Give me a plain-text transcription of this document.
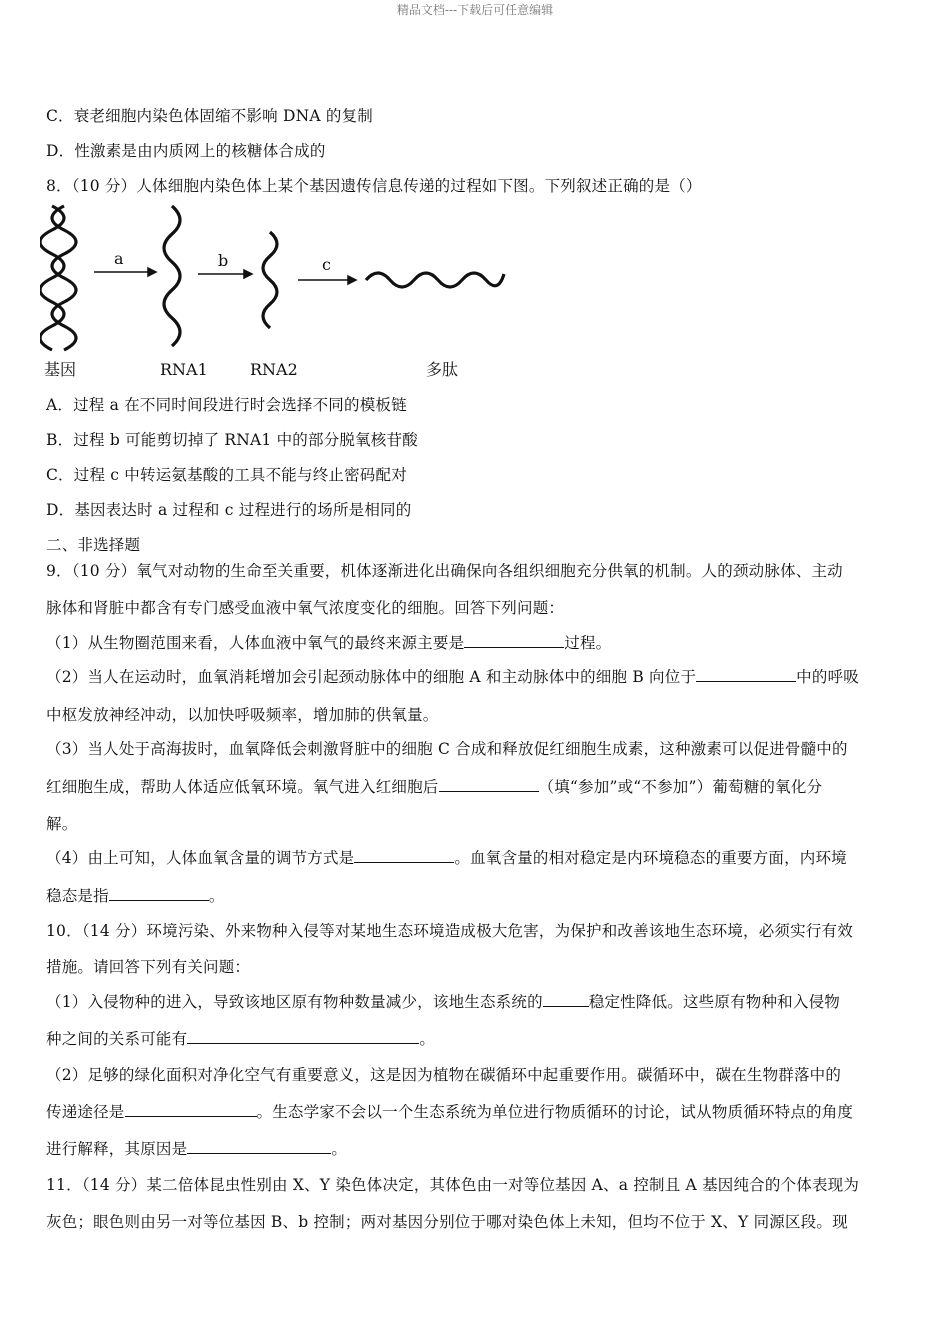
精品文档---下载后可任意编辑
C．衰老细胞内染色体固缩不影响 DNA 的复制
D．性激素是由内质网上的核糖体合成的
8．（10 分）人体细胞内染色体上某个基因遗传信息传递的过程如下图。下列叙述正确的是（）
a	b	c
基因	RNA1	RNA2	多肽
A．过程 a 在不同时间段进行时会选择不同的模板链
B．过程 b 可能剪切掉了 RNA1 中的部分脱氧核苷酸
C．过程 c 中转运氨基酸的工具不能与终止密码配对
D．基因表达时 a 过程和 c 过程进行的场所是相同的
二、非选择题
9．（10 分）氧气对动物的生命至关重要，机体逐渐进化出确保向各组织细胞充分供氧的机制。人的颈动脉体、主动
脉体和肾脏中都含有专门感受血液中氧气浓度变化的细胞。回答下列问题：
（1）从生物圈范围来看，人体血液中氧气的最终来源主要是	过程。
（2）当人在运动时，血氧消耗增加会引起颈动脉体中的细胞 A 和主动脉体中的细胞 B 向位于	中的呼吸
中枢发放神经冲动，以加快呼吸频率，增加肺的供氧量。
（3）当人处于高海拔时，血氧降低会刺激肾脏中的细胞 C 合成和释放促红细胞生成素，这种激素可以促进骨髓中的
红细胞生成，帮助人体适应低氧环境。氧气进入红细胞后	（填“参加”或“不参加”）葡萄糖的氧化分
解。
（4）由上可知，人体血氧含量的调节方式是	。血氧含量的相对稳定是内环境稳态的重要方面，内环境
稳态是指	。
10．（14 分）环境污染、外来物种入侵等对某地生态环境造成极大危害，为保护和改善该地生态环境，必须实行有效
措施。请回答下列有关问题：
（1）入侵物种的进入，导致该地区原有物种数量减少，该地生态系统的	稳定性降低。这些原有物种和入侵物
种之间的关系可能有	。
（2）足够的绿化面积对净化空气有重要意义，这是因为植物在碳循环中起重要作用。碳循环中，碳在生物群落中的
传递途径是	。生态学家不会以一个生态系统为单位进行物质循环的讨论，试从物质循环特点的角度
进行解释，其原因是	。
11．（14 分）某二倍体昆虫性别由 X、Y 染色体决定，其体色由一对等位基因 A、a 控制且 A 基因纯合的个体表现为
灰色；眼色则由另一对等位基因 B、b 控制；两对基因分别位于哪对染色体上未知，但均不位于 X、Y 同源区段。现
